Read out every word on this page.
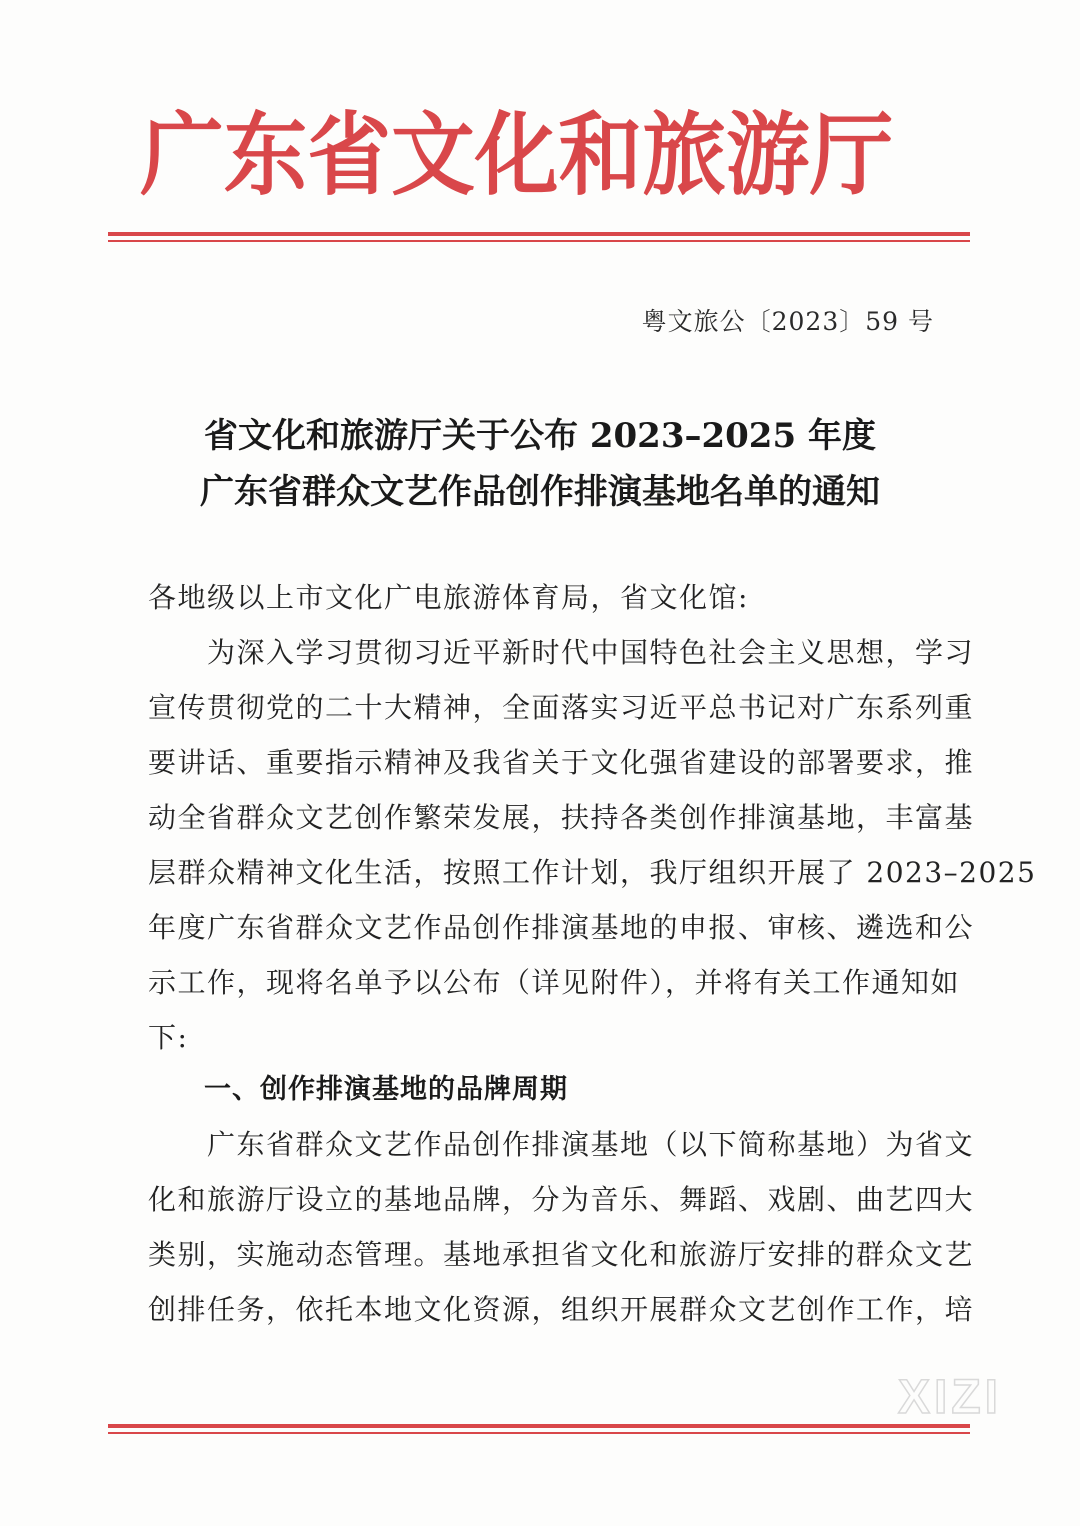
广东省文化和旅游厅
粤文旅公〔2023〕59 号
省文化和旅游厅关于公布 2023–2025 年度
广东省群众文艺作品创作排演基地名单的通知
各地级以上市文化广电旅游体育局，省文化馆:
　　为深入学习贯彻习近平新时代中国特色社会主义思想，学习
宣传贯彻党的二十大精神，全面落实习近平总书记对广东系列重
要讲话、重要指示精神及我省关于文化强省建设的部署要求，推
动全省群众文艺创作繁荣发展，扶持各类创作排演基地，丰富基
层群众精神文化生活，按照工作计划，我厅组织开展了 2023–2025
年度广东省群众文艺作品创作排演基地的申报、审核、遴选和公
示工作，现将名单予以公布（详见附件），并将有关工作通知如
下:
一、创作排演基地的品牌周期
　　广东省群众文艺作品创作排演基地（以下简称基地）为省文
化和旅游厅设立的基地品牌，分为音乐、舞蹈、戏剧、曲艺四大
类别，实施动态管理。基地承担省文化和旅游厅安排的群众文艺
创排任务，依托本地文化资源，组织开展群众文艺创作工作，培
XIZI
